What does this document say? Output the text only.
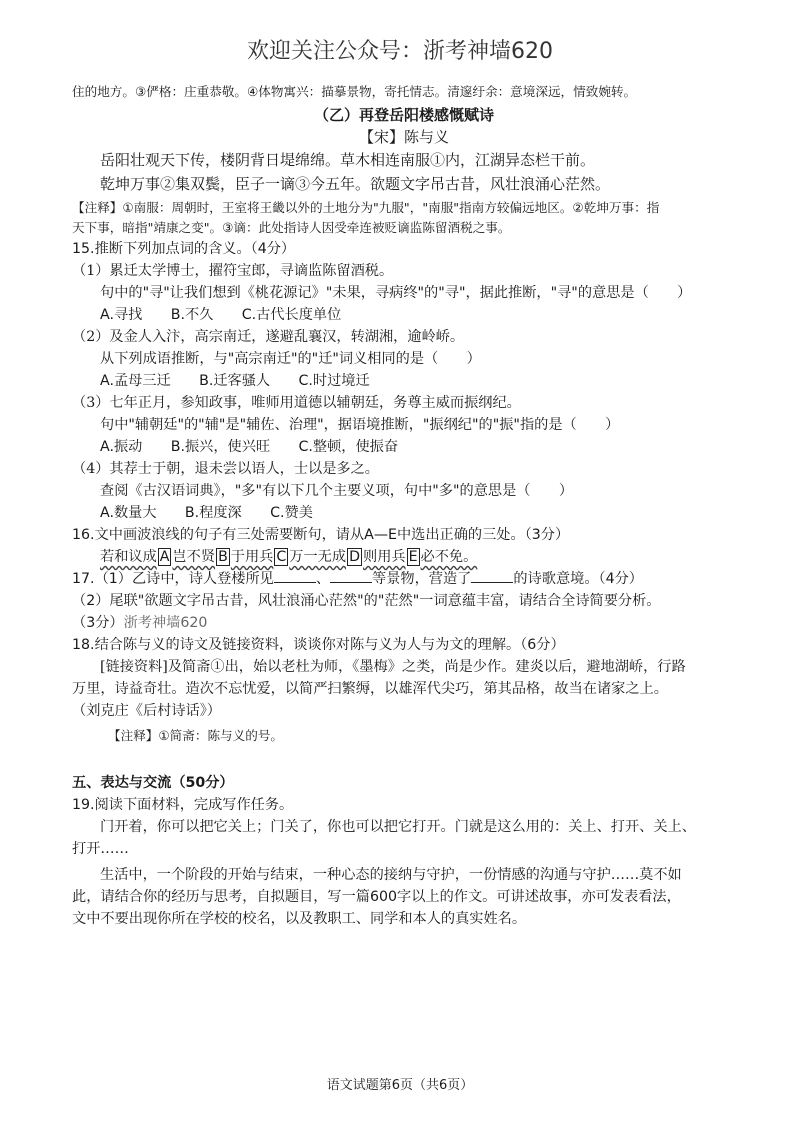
欢迎关注公众号：浙考神墙620
住的地方。③俨格：庄重恭敬。④体物寓兴：描摹景物，寄托情志。清邃纡余：意境深远，情致婉转。
（乙）再登岳阳楼感慨赋诗
【宋】陈与义
岳阳壮观天下传，楼阴背日堤绵绵。草木相连南服①内，江湖异态栏干前。
乾坤万事②集双鬓，臣子一谪③今五年。欲题文字吊古昔，风壮浪涌心茫然。
【注释】①南服：周朝时，王室将王畿以外的土地分为"九服"，"南服"指南方较偏远地区。②乾坤万事：指
天下事，暗指"靖康之变"。③谪：此处指诗人因受牵连被贬谪监陈留酒税之事。
15.推断下列加点词的含义。（4分）
（1）累迁太学博士，擢符宝郎，寻谪监陈留酒税。
句中的"寻"让我们想到《桃花源记》"未果，寻病终"的"寻"，据此推断，"寻"的意思是（　　）
A.寻找　　B.不久　　C.古代长度单位
（2）及金人入汴，高宗南迁，遂避乱襄汉，转湖湘，逾岭峤。
从下列成语推断，与"高宗南迁"的"迁"词义相同的是（　　）
A.孟母三迁　　B.迁客骚人　　C.时过境迁
（3）七年正月，参知政事，唯师用道德以辅朝廷，务尊主威而振纲纪。
句中"辅朝廷"的"辅"是"辅佐、治理"，据语境推断，"振纲纪"的"振"指的是（　　）
A.振动　　B.振兴，使兴旺　　C.整顿，使振奋
（4）其荐士于朝，退未尝以语人，士以是多之。
查阅《古汉语词典》，"多"有以下几个主要义项，句中"多"的意思是（　　）
A.数量大　　B.程度深　　C.赞美
16.文中画波浪线的句子有三处需要断句，请从A—E中选出正确的三处。（3分）
若和议成 A 岂不贤 B 于用兵 C 万一无成 D 则用兵 E 必不免。
17.（1）乙诗中，诗人登楼所见	、	等景物，营造了	的诗歌意境。（4分）
（2）尾联"欲题文字吊古昔，风壮浪涌心茫然"的"茫然"一词意蕴丰富，请结合全诗简要分析。
（3分）浙考神墙620
18.结合陈与义的诗文及链接资料，谈谈你对陈与义为人与为文的理解。（6分）
[链接资料]及简斋①出，始以老杜为师，《墨梅》之类，尚是少作。建炎以后，避地湖峤，行路
万里，诗益奇壮。造次不忘忧爱，以简严扫繁缛，以雄浑代尖巧，第其品格，故当在诸家之上。
（刘克庄《后村诗话》）
【注释】①简斋：陈与义的号。
五、表达与交流（50分）
19.阅读下面材料，完成写作任务。
门开着，你可以把它关上；门关了，你也可以把它打开。门就是这么用的：关上、打开、关上、
打开……
生活中，一个阶段的开始与结束，一种心态的接纳与守护，一份情感的沟通与守护……莫不如
此，请结合你的经历与思考，自拟题目，写一篇600字以上的作文。可讲述故事，亦可发表看法，
文中不要出现你所在学校的校名，以及教职工、同学和本人的真实姓名。
语文试题第6页（共6页）
